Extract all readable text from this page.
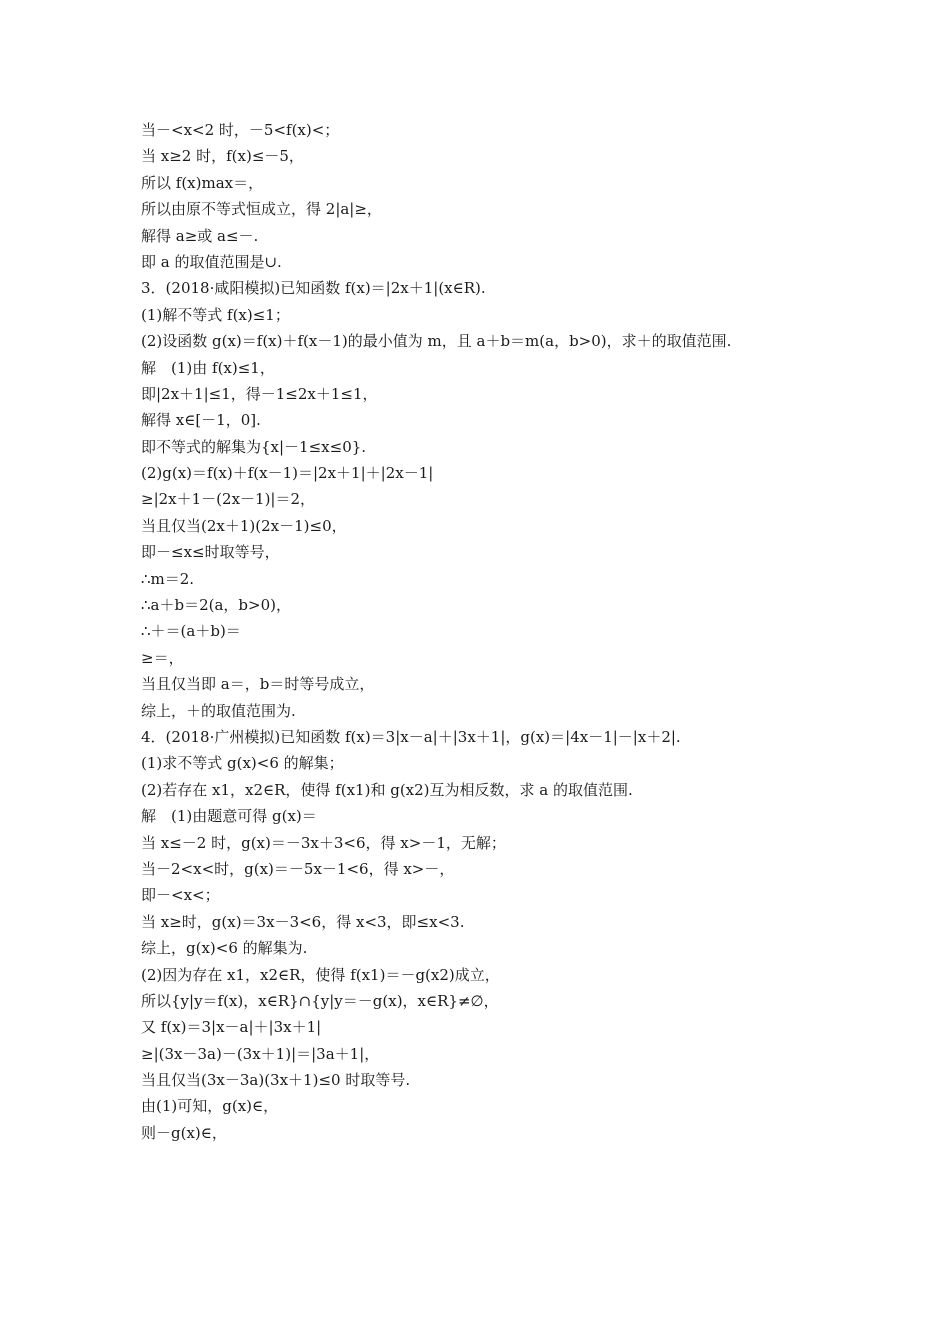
当－<x<2 时，－5<f(x)<；
当 x≥2 时，f(x)≤－5，
所以 f(x)max＝，
所以由原不等式恒成立，得 2|a|≥，
解得 a≥或 a≤－.
即 a 的取值范围是∪.
3．(2018·咸阳模拟)已知函数 f(x)＝|2x＋1|(x∈R).
(1)解不等式 f(x)≤1；
(2)设函数 g(x)＝f(x)＋f(x－1)的最小值为 m，且 a＋b＝m(a，b>0)，求＋的取值范围.
解　(1)由 f(x)≤1，
即|2x＋1|≤1，得－1≤2x＋1≤1，
解得 x∈[－1，0].
即不等式的解集为{x|－1≤x≤0}.
(2)g(x)＝f(x)＋f(x－1)＝|2x＋1|＋|2x－1|
≥|2x＋1－(2x－1)|＝2，
当且仅当(2x＋1)(2x－1)≤0，
即－≤x≤时取等号，
∴m＝2.
∴a＋b＝2(a，b>0)，
∴＋＝(a＋b)＝
≥＝，
当且仅当即 a＝，b＝时等号成立，
综上，＋的取值范围为.
4．(2018·广州模拟)已知函数 f(x)＝3|x－a|＋|3x＋1|，g(x)＝|4x－1|－|x＋2|.
(1)求不等式 g(x)<6 的解集；
(2)若存在 x1，x2∈R，使得 f(x1)和 g(x2)互为相反数，求 a 的取值范围.
解　(1)由题意可得 g(x)＝
当 x≤－2 时，g(x)＝－3x＋3<6，得 x>－1，无解；
当－2<x<时，g(x)＝－5x－1<6，得 x>－，
即－<x<；
当 x≥时，g(x)＝3x－3<6，得 x<3，即≤x<3.
综上，g(x)<6 的解集为.
(2)因为存在 x1，x2∈R，使得 f(x1)＝－g(x2)成立，
所以{y|y＝f(x)，x∈R}∩{y|y＝－g(x)，x∈R}≠∅，
又 f(x)＝3|x－a|＋|3x＋1|
≥|(3x－3a)－(3x＋1)|＝|3a＋1|，
当且仅当(3x－3a)(3x＋1)≤0 时取等号.
由(1)可知，g(x)∈，
则－g(x)∈，
